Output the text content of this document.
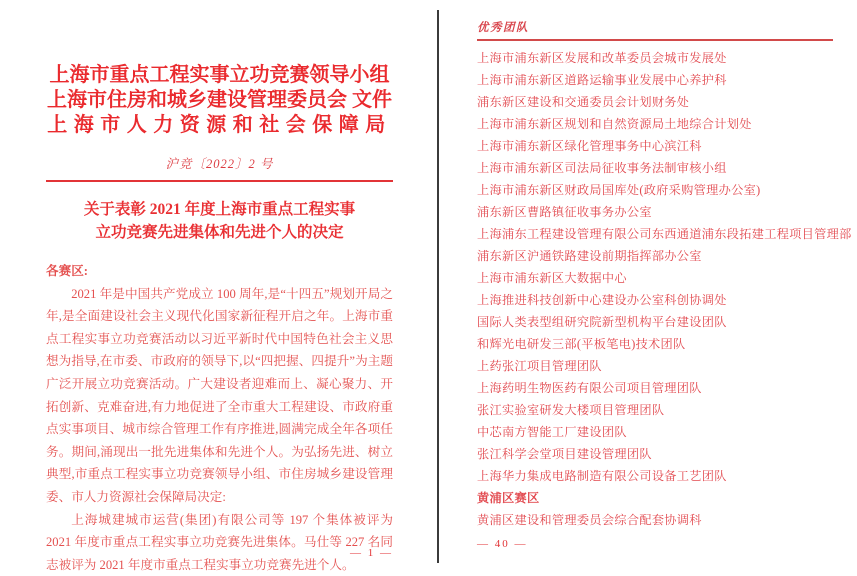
上海市重点工程实事立功竞赛领导小组
上海市住房和城乡建设管理委员会 文件
上海市人力资源和社会保障局
沪竞〔2022〕2 号
关于表彰 2021 年度上海市重点工程实事
立功竞赛先进集体和先进个人的决定

各赛区:

2021 年是中国共产党成立 100 周年,是“十四五”规划开局之年,是全面建设社会主义现代化国家新征程开启之年。上海市重点工程实事立功竞赛活动以习近平新时代中国特色社会主义思想为指导,在市委、市政府的领导下,以“四把握、四提升”为主题广泛开展立功竞赛活动。广大建设者迎难而上、凝心聚力、开拓创新、克难奋进,有力地促进了全市重大工程建设、市政府重点实事项目、城市综合管理工作有序推进,圆满完成全年各项任务。期间,涌现出一批先进集体和先进个人。为弘扬先进、树立典型,市重点工程实事立功竞赛领导小组、市住房城乡建设管理委、市人力资源社会保障局决定:

上海城建城市运营(集团)有限公司等 197 个集体被评为 2021 年度市重点工程实事立功竞赛先进集体。马仕等 227 名同志被评为 2021 年度市重点工程实事立功竞赛先进个人。

— 1 —
优秀团队
上海市浦东新区发展和改革委员会城市发展处
上海市浦东新区道路运输事业发展中心养护科
浦东新区建设和交通委员会计划财务处
上海市浦东新区规划和自然资源局土地综合计划处
上海市浦东新区绿化管理事务中心滨江科
上海市浦东新区司法局征收事务法制审核小组
上海市浦东新区财政局国库处(政府采购管理办公室)
浦东新区曹路镇征收事务办公室
上海浦东工程建设管理有限公司东西通道浦东段拓建工程项目管理部
浦东新区沪通铁路建设前期指挥部办公室
上海市浦东新区大数据中心
上海推进科技创新中心建设办公室科创协调处
国际人类表型组研究院新型机构平台建设团队
和辉光电研发三部(平板笔电)技术团队
上药张江项目管理团队
上海药明生物医药有限公司项目管理团队
张江实验室研发大楼项目管理团队
中芯南方智能工厂建设团队
张江科学会堂项目建设管理团队
上海华力集成电路制造有限公司设备工艺团队
黄浦区赛区
黄浦区建设和管理委员会综合配套协调科
— 40 —
